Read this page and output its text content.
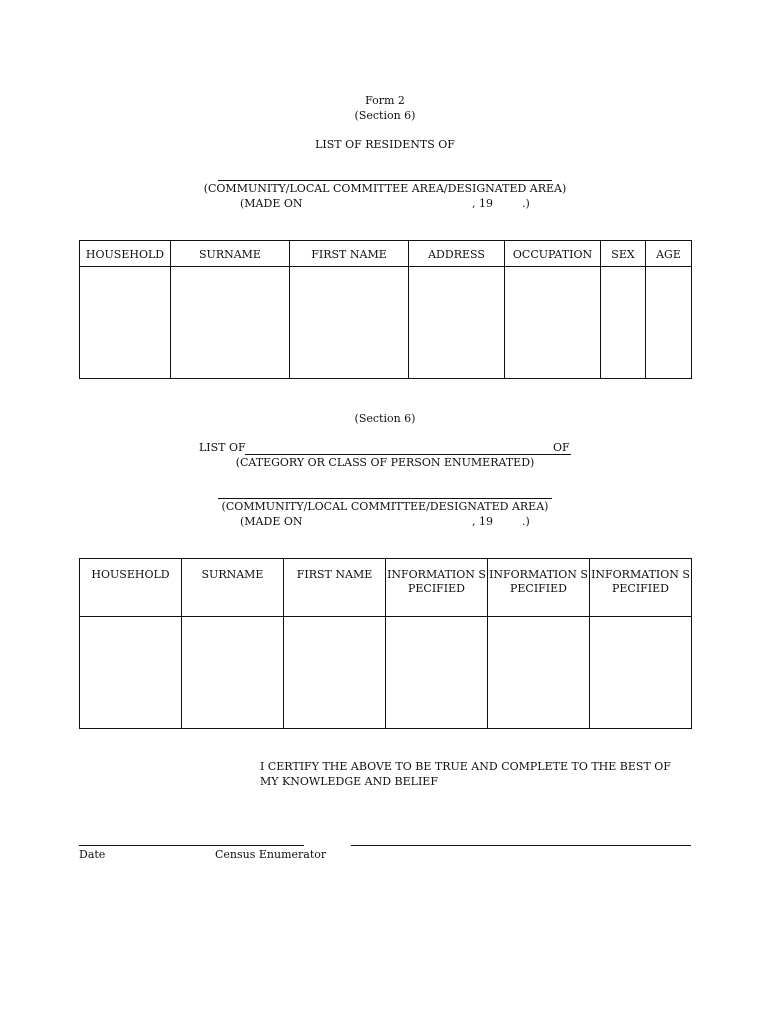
Form 2
(Section 6)
LIST OF RESIDENTS OF
(COMMUNITY/LOCAL COMMITTEE AREA/DESIGNATED AREA)
(MADE ON	, 19	.)
HOUSEHOLD	SURNAME	FIRST NAME	ADDRESS	OCCUPATION	SEX	AGE

(Section 6)
LIST OF	OF
(CATEGORY OR CLASS OF PERSON ENUMERATED)
(COMMUNITY/LOCAL COMMITTEE/DESIGNATED AREA)
(MADE ON	, 19	.)
HOUSEHOLD	SURNAME	FIRST NAME	INFORMATION SPECIFIED	INFORMATION SPECIFIED	INFORMATION SPECIFIED

I CERTIFY THE ABOVE TO BE TRUE AND COMPLETE TO THE BEST OF
MY KNOWLEDGE AND BELIEF
Date	Census Enumerator
